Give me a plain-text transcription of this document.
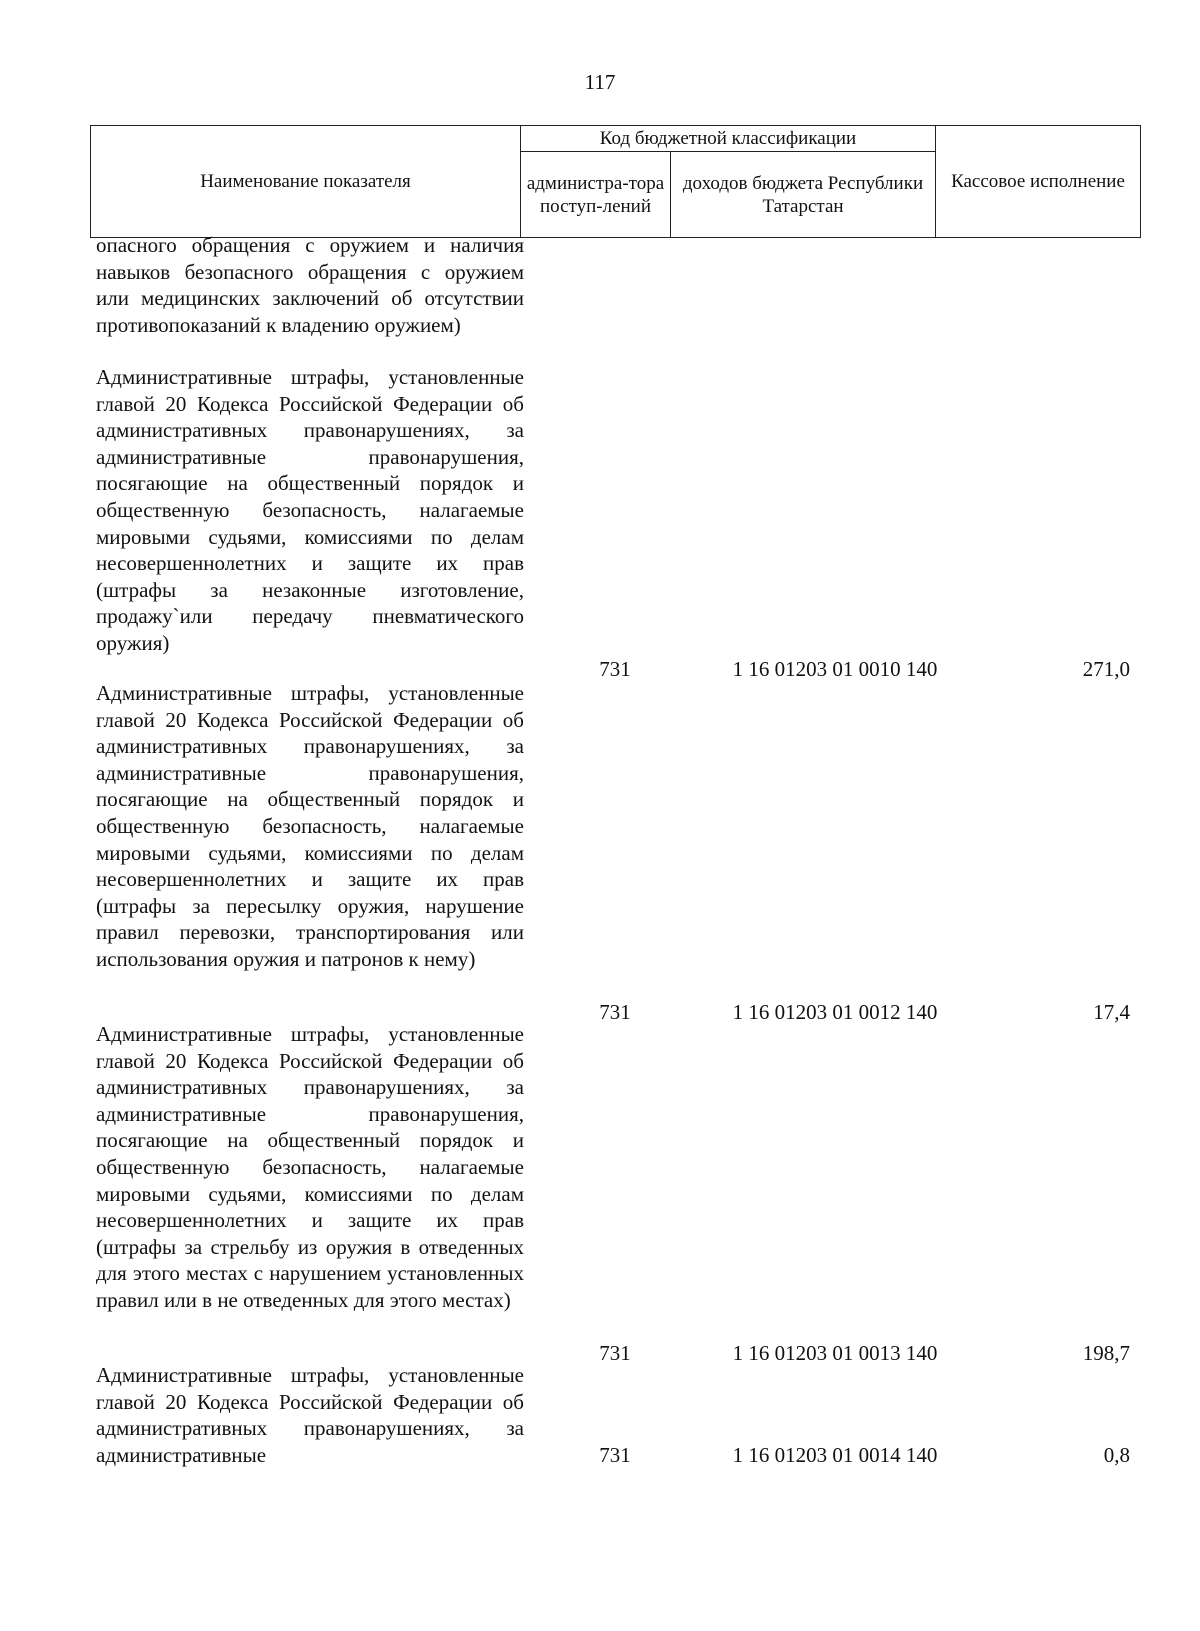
117
Наименование показателя	Код бюджетной классификации		Кассовое исполнение
	администра-тора поступ-лений	доходов бюджета Республики Татарстан	
опасного обращения с оружием и наличия навыков безопасного обращения с оружием или медицинских заключений об отсутствии противопоказаний к владению оружием)
Административные штрафы, установленные главой 20 Кодекса Российской Федерации об административных правонарушениях, за административные правонарушения, посягающие на общественный порядок и общественную безопасность, налагаемые мировыми судьями, комиссиями по делам несовершеннолетних и защите их прав (штрафы за незаконные изготовление, продажу`или передачу пневматического оружия)
731	1 16 01203 01 0010 140	271,0
Административные штрафы, установленные главой 20 Кодекса Российской Федерации об административных правонарушениях, за административные правонарушения, посягающие на общественный порядок и общественную безопасность, налагаемые мировыми судьями, комиссиями по делам несовершеннолетних и защите их прав (штрафы за пересылку оружия, нарушение правил перевозки, транспортирования или использования оружия и патронов к нему)
731	1 16 01203 01 0012 140	17,4
Административные штрафы, установленные главой 20 Кодекса Российской Федерации об административных правонарушениях, за административные правонарушения, посягающие на общественный порядок и общественную безопасность, налагаемые мировыми судьями, комиссиями по делам несовершеннолетних и защите их прав (штрафы за стрельбу из оружия в отведенных для этого местах с нарушением установленных правил или в не отведенных для этого местах)
731	1 16 01203 01 0013 140	198,7
Административные штрафы, установленные главой 20 Кодекса Российской Федерации об административных правонарушениях, за административные	731	1 16 01203 01 0014 140	0,8
